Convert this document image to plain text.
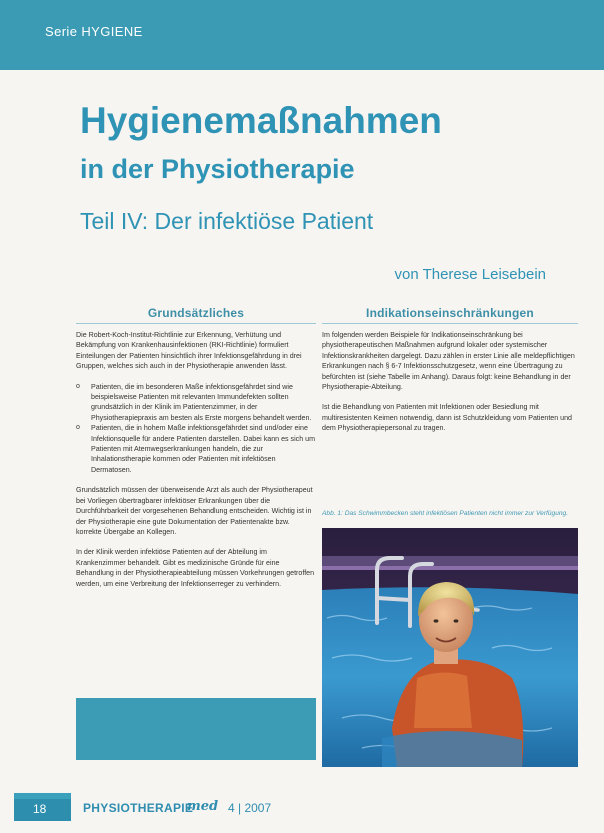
Serie HYGIENE
Hygienemaßnahmen
in der Physiotherapie
Teil IV: Der infektiöse Patient
von Therese Leisebein
Grundsätzliches

Die Robert-Koch-Institut-Richtlinie zur Erkennung, Verhütung und Bekämpfung von Krankenhausinfektionen (RKI-Richtlinie) formuliert Einteilungen der Patienten hinsichtlich ihrer Infektionsgefährdung in drei Gruppen, welches sich auch in der Physiotherapie anwenden lässt.

o Patienten, die im besonderen Maße infektionsgefährdet sind wie beispielsweise Patienten mit relevanten Immundefekten sollten grundsätzlich in der Klinik im Patientenzimmer, in der Physiotherapiepraxis am besten als Erste morgens behandelt werden.
o Patienten, die in hohem Maße infektionsgefährdet sind und/oder eine Infektionsquelle für andere Patienten darstellen. Dabei kann es sich um Patienten mit Atemwegserkrankungen handeln, die zur Inhalationstherapie kommen oder Patienten mit infektiösen Dermatosen.

Grundsätzlich müssen der überweisende Arzt als auch der Physiotherapeut bei Vorliegen übertragbarer infektiöser Erkrankungen über die Durchführbarkeit der vorgesehenen Behandlung entscheiden. Wichtig ist in der Physiotherapie eine gute Dokumentation der Patientenakte bzw. korrekte Übergabe an Kollegen.

In der Klinik werden infektiöse Patienten auf der Abteilung im Krankenzimmer behandelt. Gibt es medizinische Gründe für eine Behandlung in der Physiotherapieabteilung müssen Vorkehrungen getroffen werden, um eine Verbreitung der Infektionserreger zu verhindern.

Indikationseinschränkungen

Im folgenden werden Beispiele für Indikationseinschränkung bei physiotherapeutischen Maßnahmen aufgrund lokaler oder systemischer Infektionskrankheiten dargelegt. Dazu zählen in erster Linie alle meldepflichtigen Erkrankungen nach § 6-7 Infektionsschutzgesetz, wenn eine Übertragung zu befürchten ist (siehe Tabelle im Anhang). Daraus folgt: keine Behandlung in der Physiotherapie-Abteilung.

Ist die Behandlung von Patienten mit Infektionen oder Besiedlung mit multiresistenten Keimen notwendig, dann ist Schutzkleidung vom Patienten und dem Physiotherapiepersonal zu tragen.

Abb. 1: Das Schwimmbecken steht infektiösen Patienten nicht immer zur Verfügung.
18	PHYSIOTHERAPIE
med 4 | 2007
